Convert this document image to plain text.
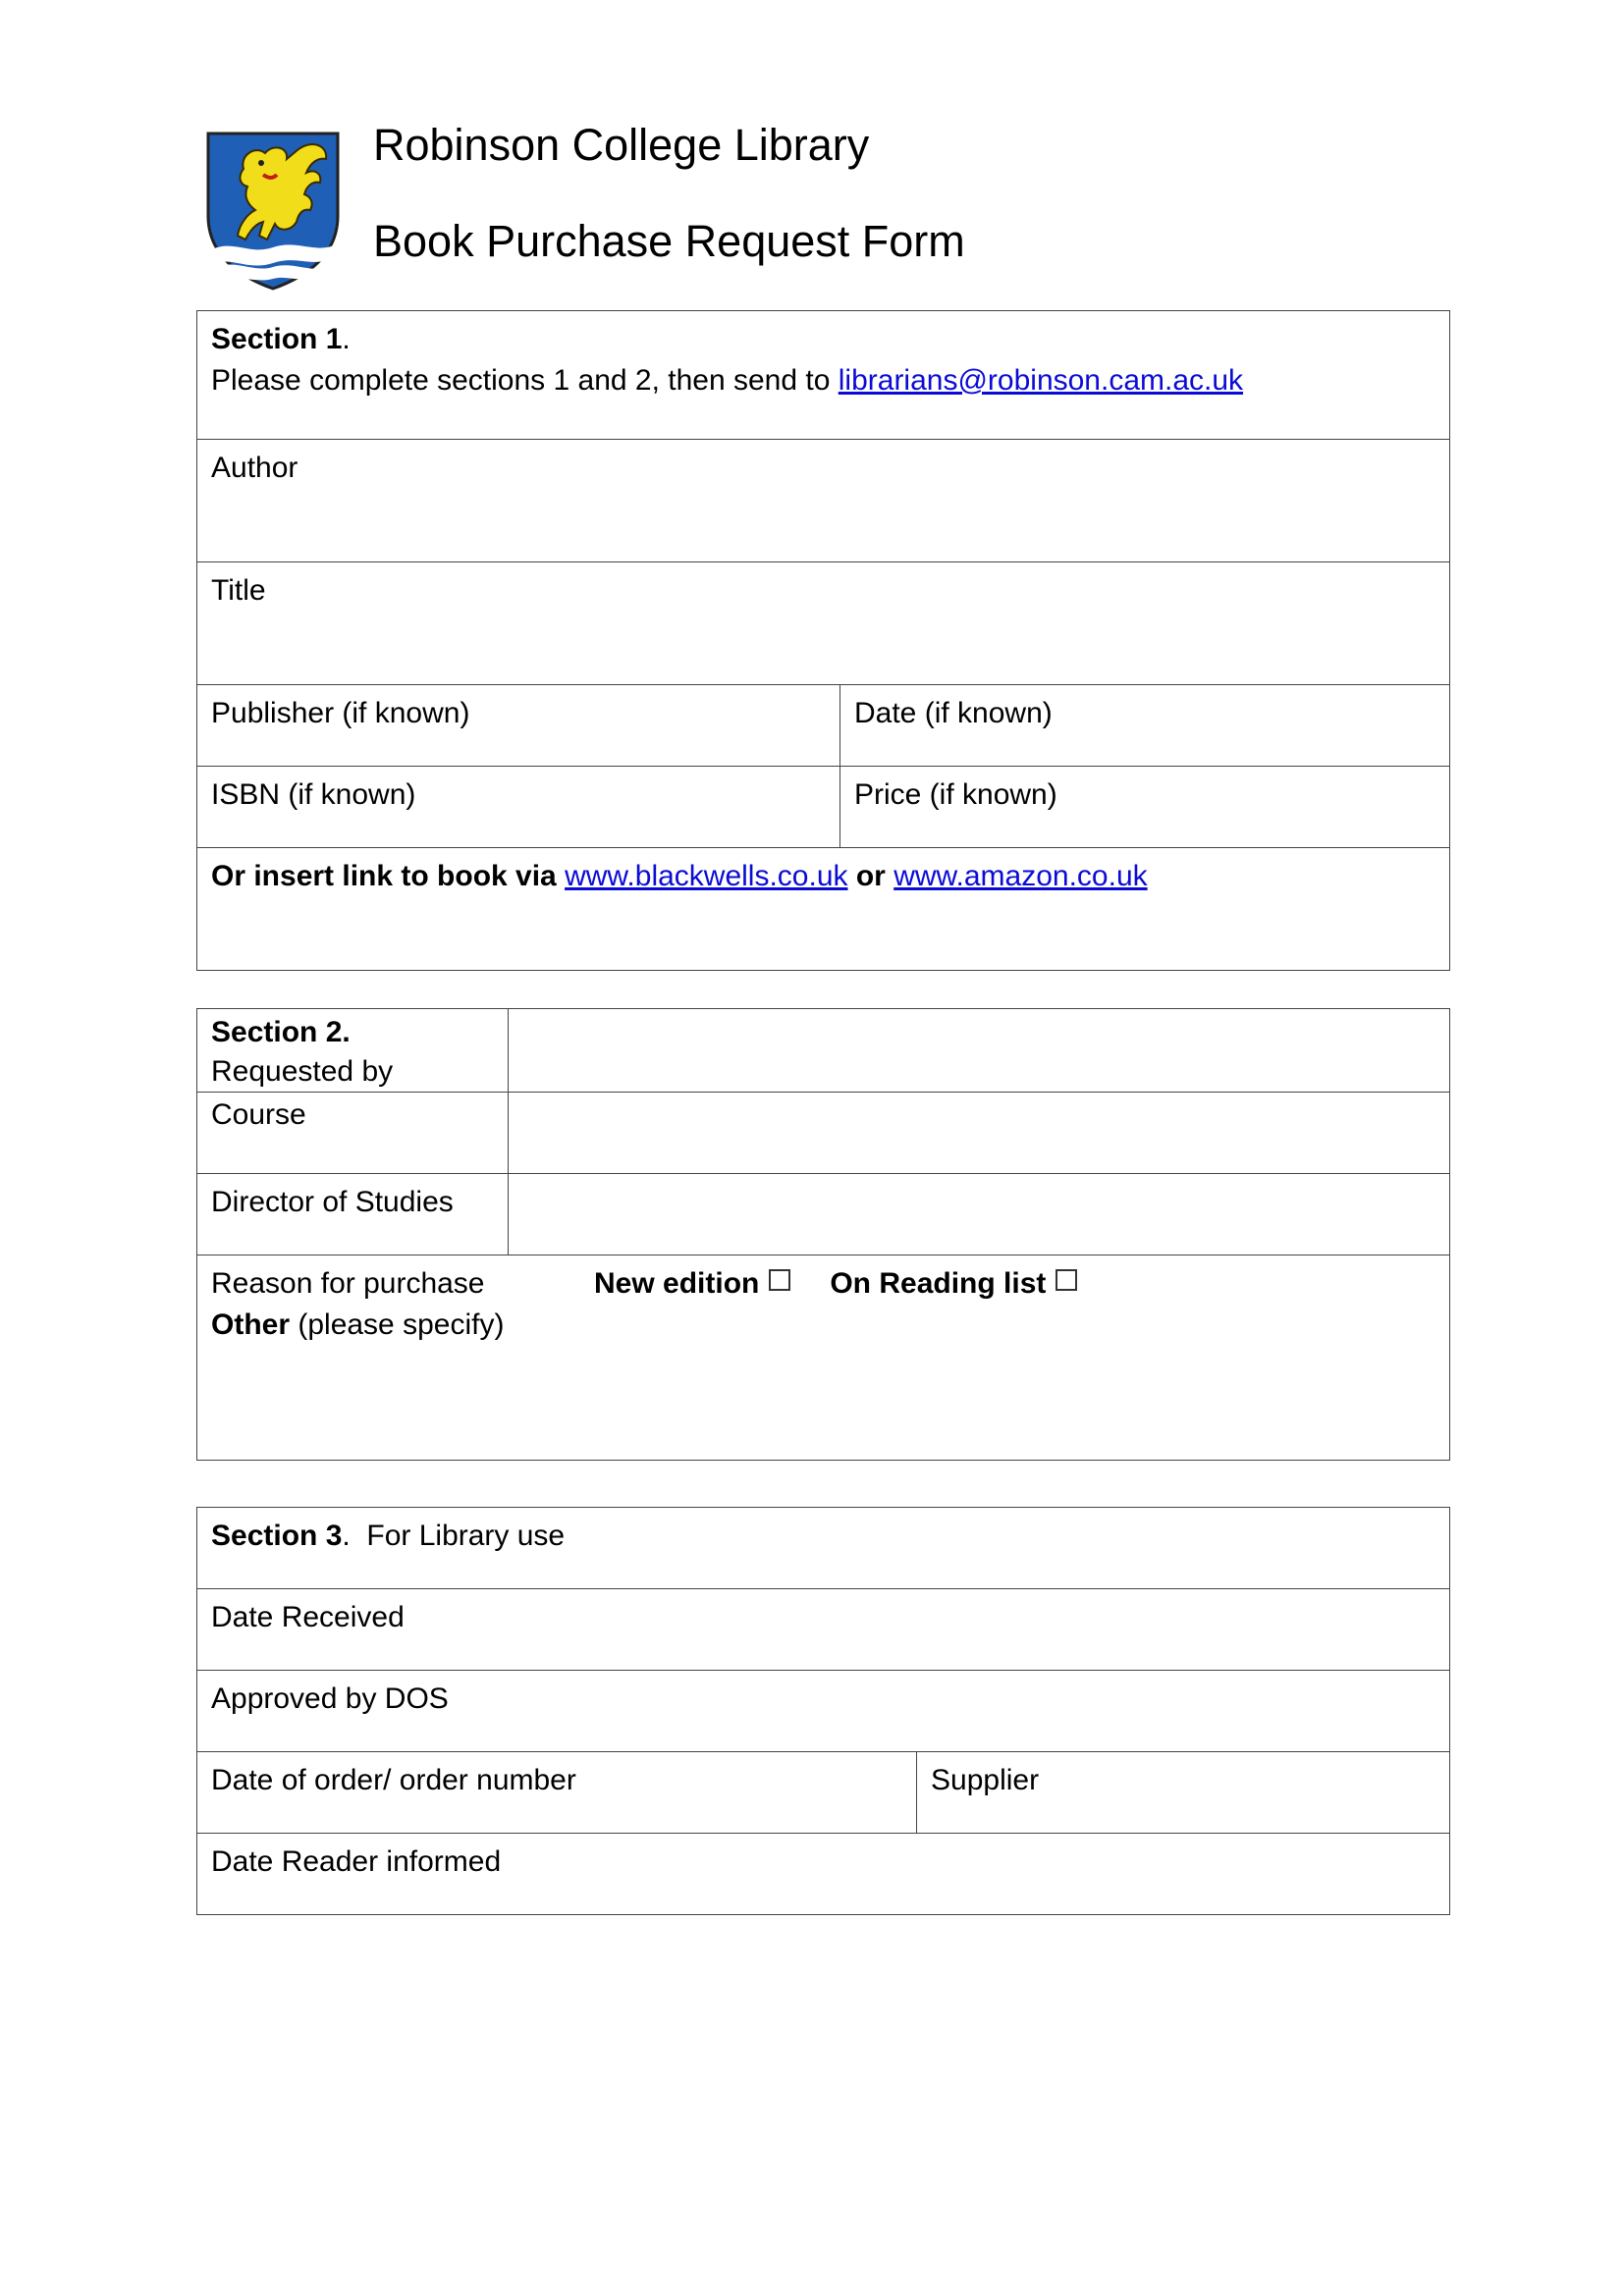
Robinson College Library
Book Purchase Request Form
Section 1.
Please complete sections 1 and 2, then send to librarians@robinson.cam.ac.uk	
Author	
Title	
Publisher (if known)	Date (if known)
ISBN (if known)	Price (if known)
Or insert link to book via www.blackwells.co.uk or www.amazon.co.uk	
Section 2.
Requested by	
Course	
Director of Studies	

Reason for purchase New edition On Reading list
Other (please specify)	
Section 3.  For Library use
Date Received
Approved by DOS
Date of order/ order number	Supplier
Date Reader informed
